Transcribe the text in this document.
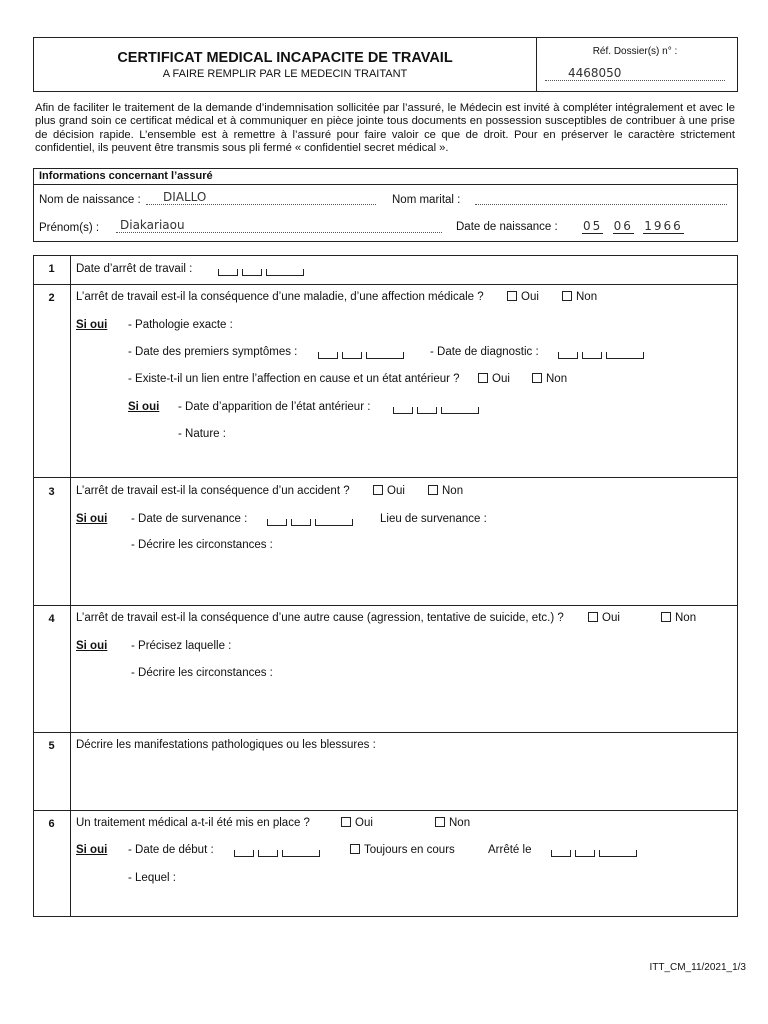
CERTIFICAT MEDICAL INCAPACITE DE TRAVAIL
A FAIRE REMPLIR PAR LE MEDECIN TRAITANT
Réf. Dossier(s) n° :
4468050
Afin de faciliter le traitement de la demande d’indemnisation sollicitée par l’assuré, le Médecin est invité à compléter intégralement et avec le plus grand soin ce certificat médical et à communiquer en pièce jointe tous documents en possession susceptibles de contribuer à une prise de décision rapide. L’ensemble est à remettre à l’assuré pour faire valoir ce que de droit. Pour en préserver le caractère strictement confidentiel, ils peuvent être transmis sous pli fermé « confidentiel secret médical ».
Informations concernant l’assuré
Nom de naissance : DIALLO	Nom marital :
Prénom(s) : Diakariaou	Date de naissance : 05 06 1966
1	Date d’arrêt de travail :
2	L’arrêt de travail est-il la conséquence d’une maladie, d’une affection médicale ?	Oui	Non
Si oui - Pathologie exacte :
- Date des premiers symptômes :	- Date de diagnostic :
- Existe-t-il un lien entre l’affection en cause et un état antérieur ?	Oui	Non
Si oui - Date d’apparition de l’état antérieur :
- Nature :
3	L’arrêt de travail est-il la conséquence d’un accident ?	Oui	Non
Si oui - Date de survenance :	Lieu de survenance :
- Décrire les circonstances :
4	L’arrêt de travail est-il la conséquence d’une autre cause (agression, tentative de suicide, etc.) ?	Oui	Non
Si oui - Précisez laquelle :
- Décrire les circonstances :
5	Décrire les manifestations pathologiques ou les blessures :
6	Un traitement médical a-t-il été mis en place ?	Oui	Non
Si oui - Date de début :	Toujours en cours	Arrêté le
- Lequel :
ITT_CM_11/2021_1/3
